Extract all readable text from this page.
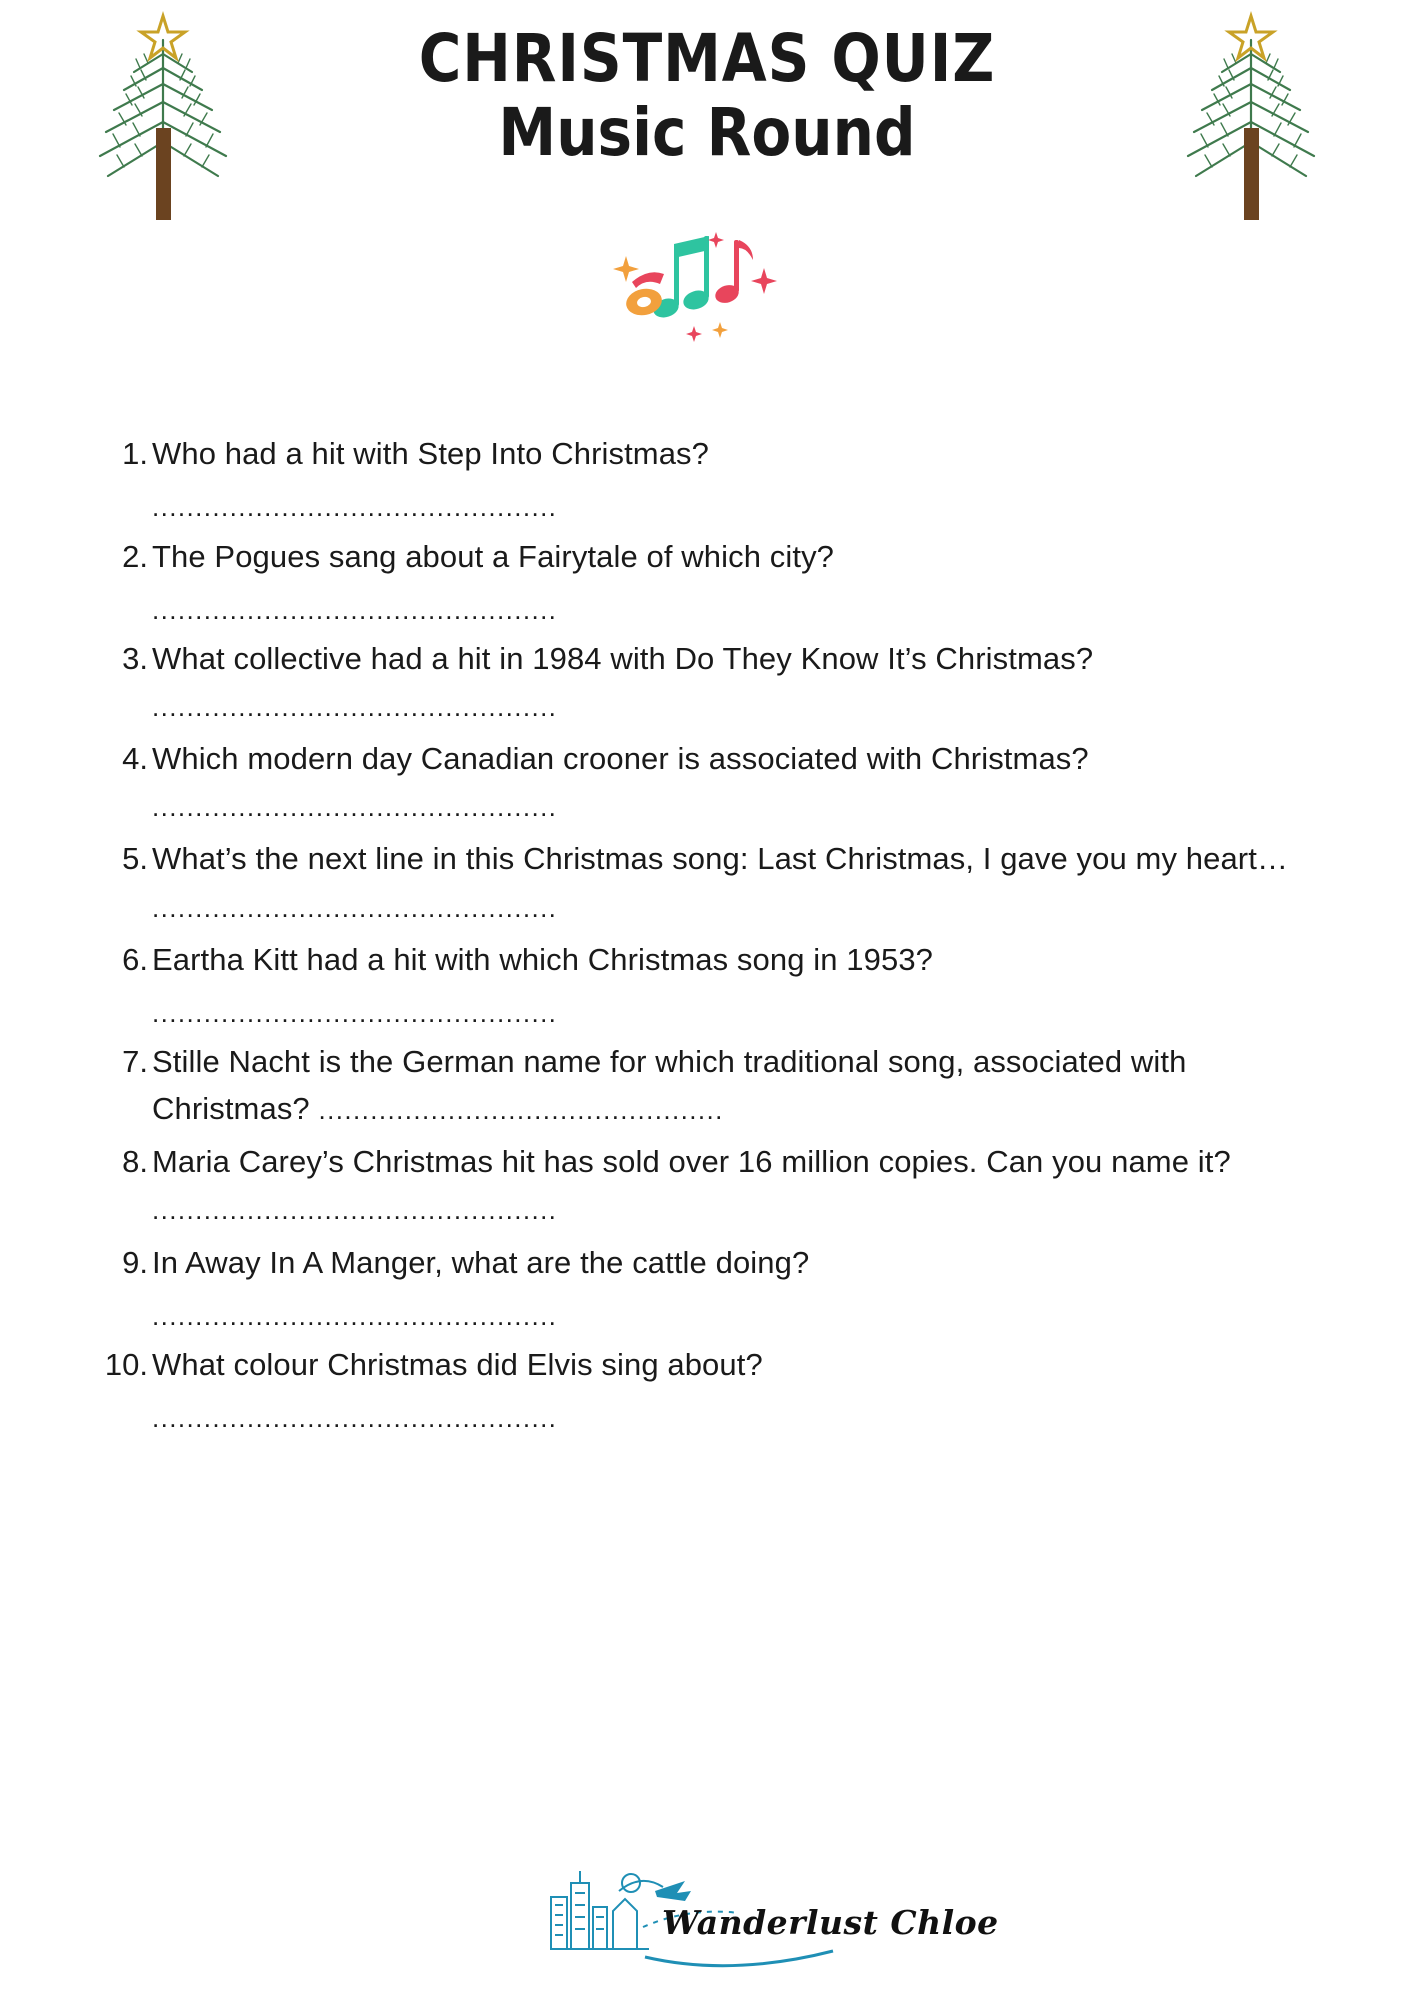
CHRISTMAS QUIZ
Music Round
1. Who had a hit with Step Into Christmas?
...............................................
2. The Pogues sang about a Fairytale of which city?
...............................................
3. What collective had a hit in 1984 with Do They Know It’s Christmas? ...............................................
4. Which modern day Canadian crooner is associated with Christmas? ...............................................
5. What’s the next line in this Christmas song: Last Christmas, I gave you my heart… ...............................................
6. Eartha Kitt had a hit with which Christmas song in 1953?
...............................................
7. Stille Nacht is the German name for which traditional song, associated with Christmas? ...............................................
8. Maria Carey’s Christmas hit has sold over 16 million copies. Can you name it? ...............................................
9. In Away In A Manger, what are the cattle doing?
...............................................
10. What colour Christmas did Elvis sing about?
...............................................
Wanderlust Chloe
